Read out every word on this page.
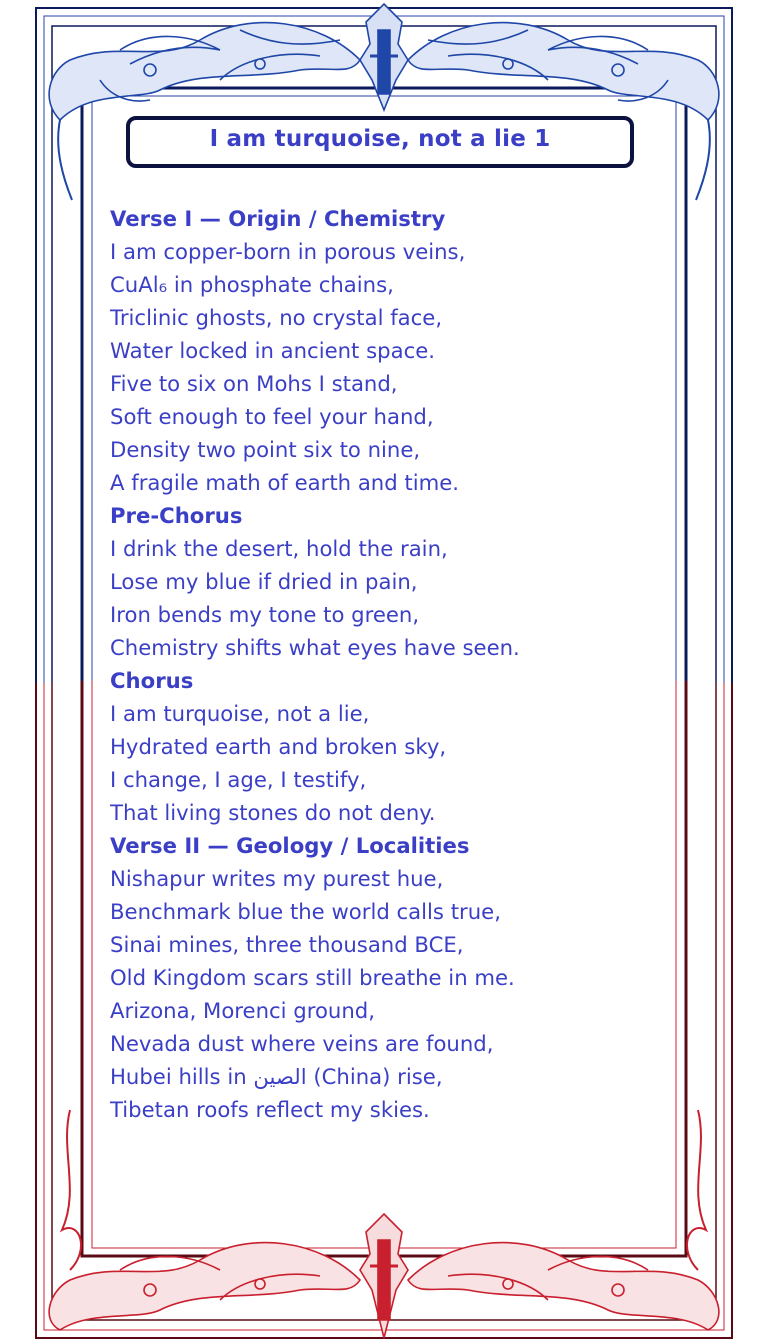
I am turquoise, not a lie 1
Verse I — Origin / Chemistry
I am copper-born in porous veins,
CuAl₆ in phosphate chains,
Triclinic ghosts, no crystal face,
Water locked in ancient space.
Five to six on Mohs I stand,
Soft enough to feel your hand,
Density two point six to nine,
A fragile math of earth and time.
Pre-Chorus
I drink the desert, hold the rain,
Lose my blue if dried in pain,
Iron bends my tone to green,
Chemistry shifts what eyes have seen.
Chorus
I am turquoise, not a lie,
Hydrated earth and broken sky,
I change, I age, I testify,
That living stones do not deny.
Verse II — Geology / Localities
Nishapur writes my purest hue,
Benchmark blue the world calls true,
Sinai mines, three thousand BCE,
Old Kingdom scars still breathe in me.
Arizona, Morenci ground,
Nevada dust where veins are found,
Hubei hills in الصين (China) rise,
Tibetan roofs reflect my skies.
